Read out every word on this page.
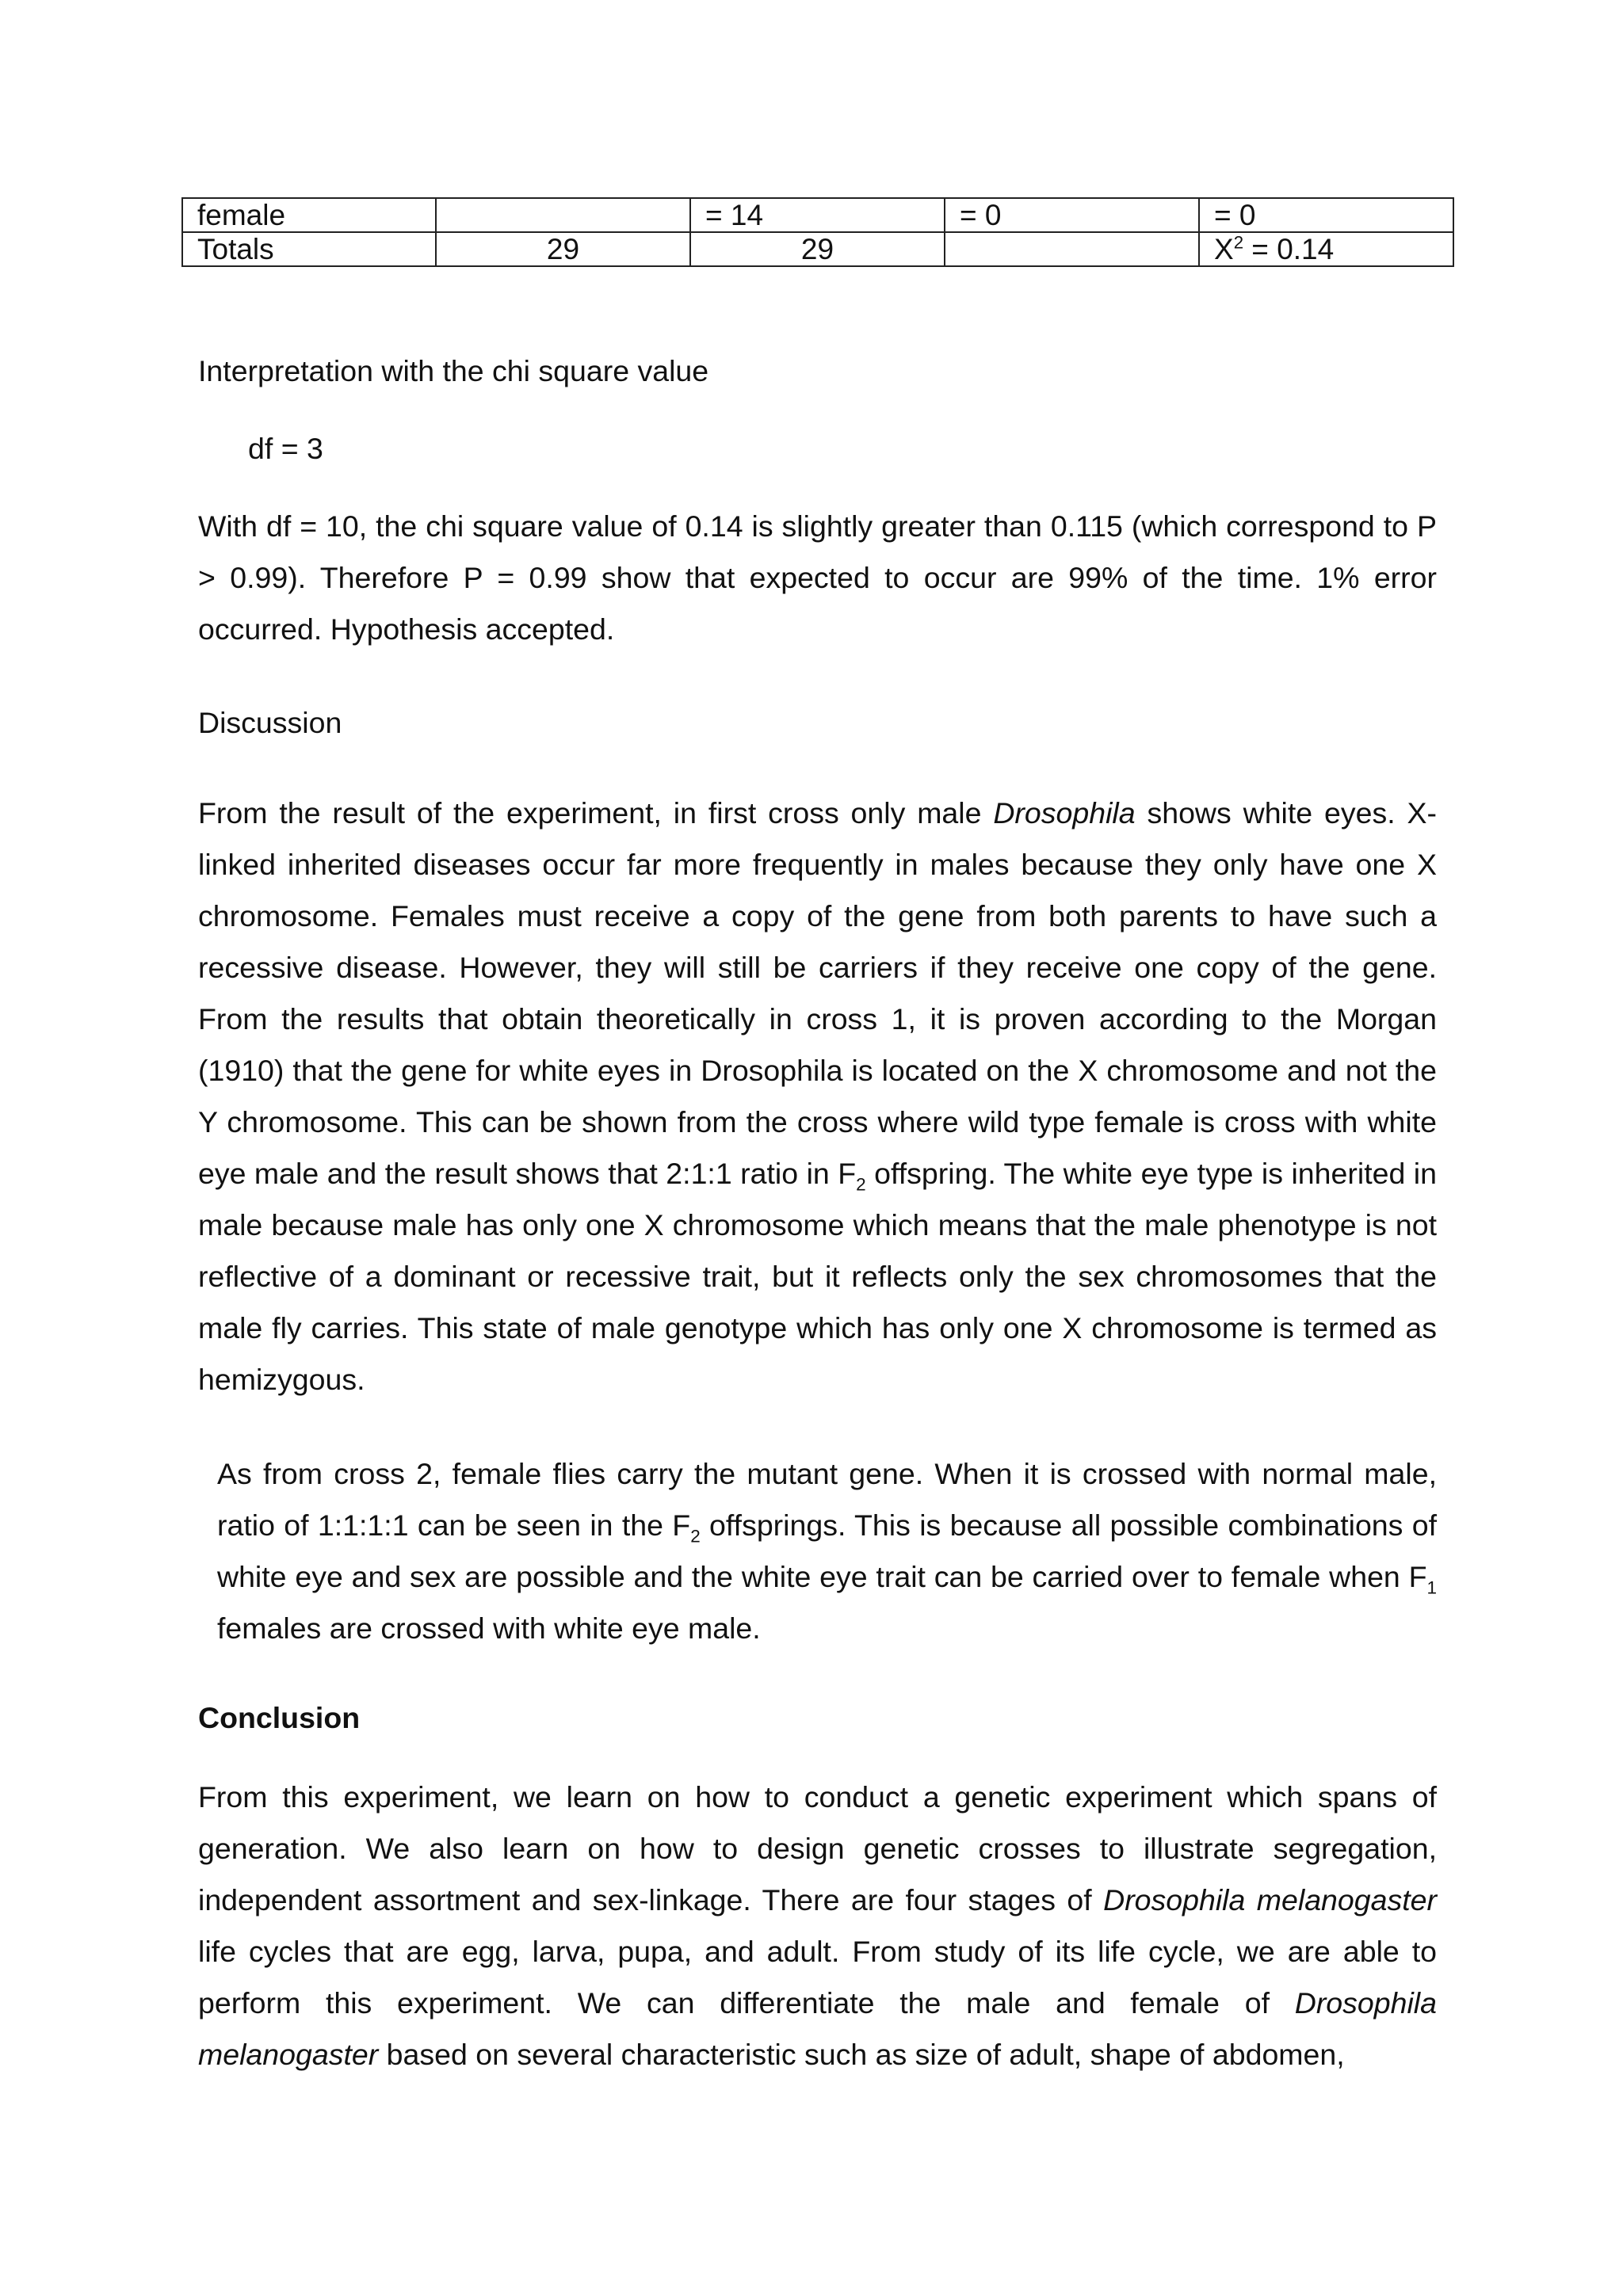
female		= 14	= 0	= 0
Totals	29	29		$X^2 = 0.14$
Interpretation with the chi square value
df = 3

With df = 10, the chi square value of 0.14 is slightly greater than 0.115 (which correspond to P > 0.99). Therefore P = 0.99 show that expected to occur are 99% of the time. 1% error occurred. Hypothesis accepted.

Discussion

From the result of the experiment, in first cross only male Drosophila shows white eyes. X-linked inherited diseases occur far more frequently in males because they only have one X chromosome. Females must receive a copy of the gene from both parents to have such a recessive disease. However, they will still be carriers if they receive one copy of the gene. From the results that obtain theoretically in cross 1, it is proven according to the Morgan (1910) that the gene for white eyes in Drosophila is located on the X chromosome and not the Y chromosome. This can be shown from the cross where wild type female is cross with white eye male and the result shows that 2:1:1 ratio in $F_2$ offspring. The white eye type is inherited in male because male has only one X chromosome which means that the male phenotype is not reflective of a dominant or recessive trait, but it reflects only the sex chromosomes that the male fly carries. This state of male genotype which has only one X chromosome is termed as hemizygous.

As from cross 2, female flies carry the mutant gene. When it is crossed with normal male, ratio of 1:1:1:1 can be seen in the $F_2$ offsprings. This is because all possible combinations of white eye and sex are possible and the white eye trait can be carried over to female when $F_1$ females are crossed with white eye male.

Conclusion

From this experiment, we learn on how to conduct a genetic experiment which spans of generation. We also learn on how to design genetic crosses to illustrate segregation, independent assortment and sex-linkage. There are four stages of Drosophila melanogaster life cycles that are egg, larva, pupa, and adult. From study of its life cycle, we are able to perform this experiment. We can differentiate the male and female of Drosophila melanogaster based on several characteristic such as size of adult, shape of abdomen,
